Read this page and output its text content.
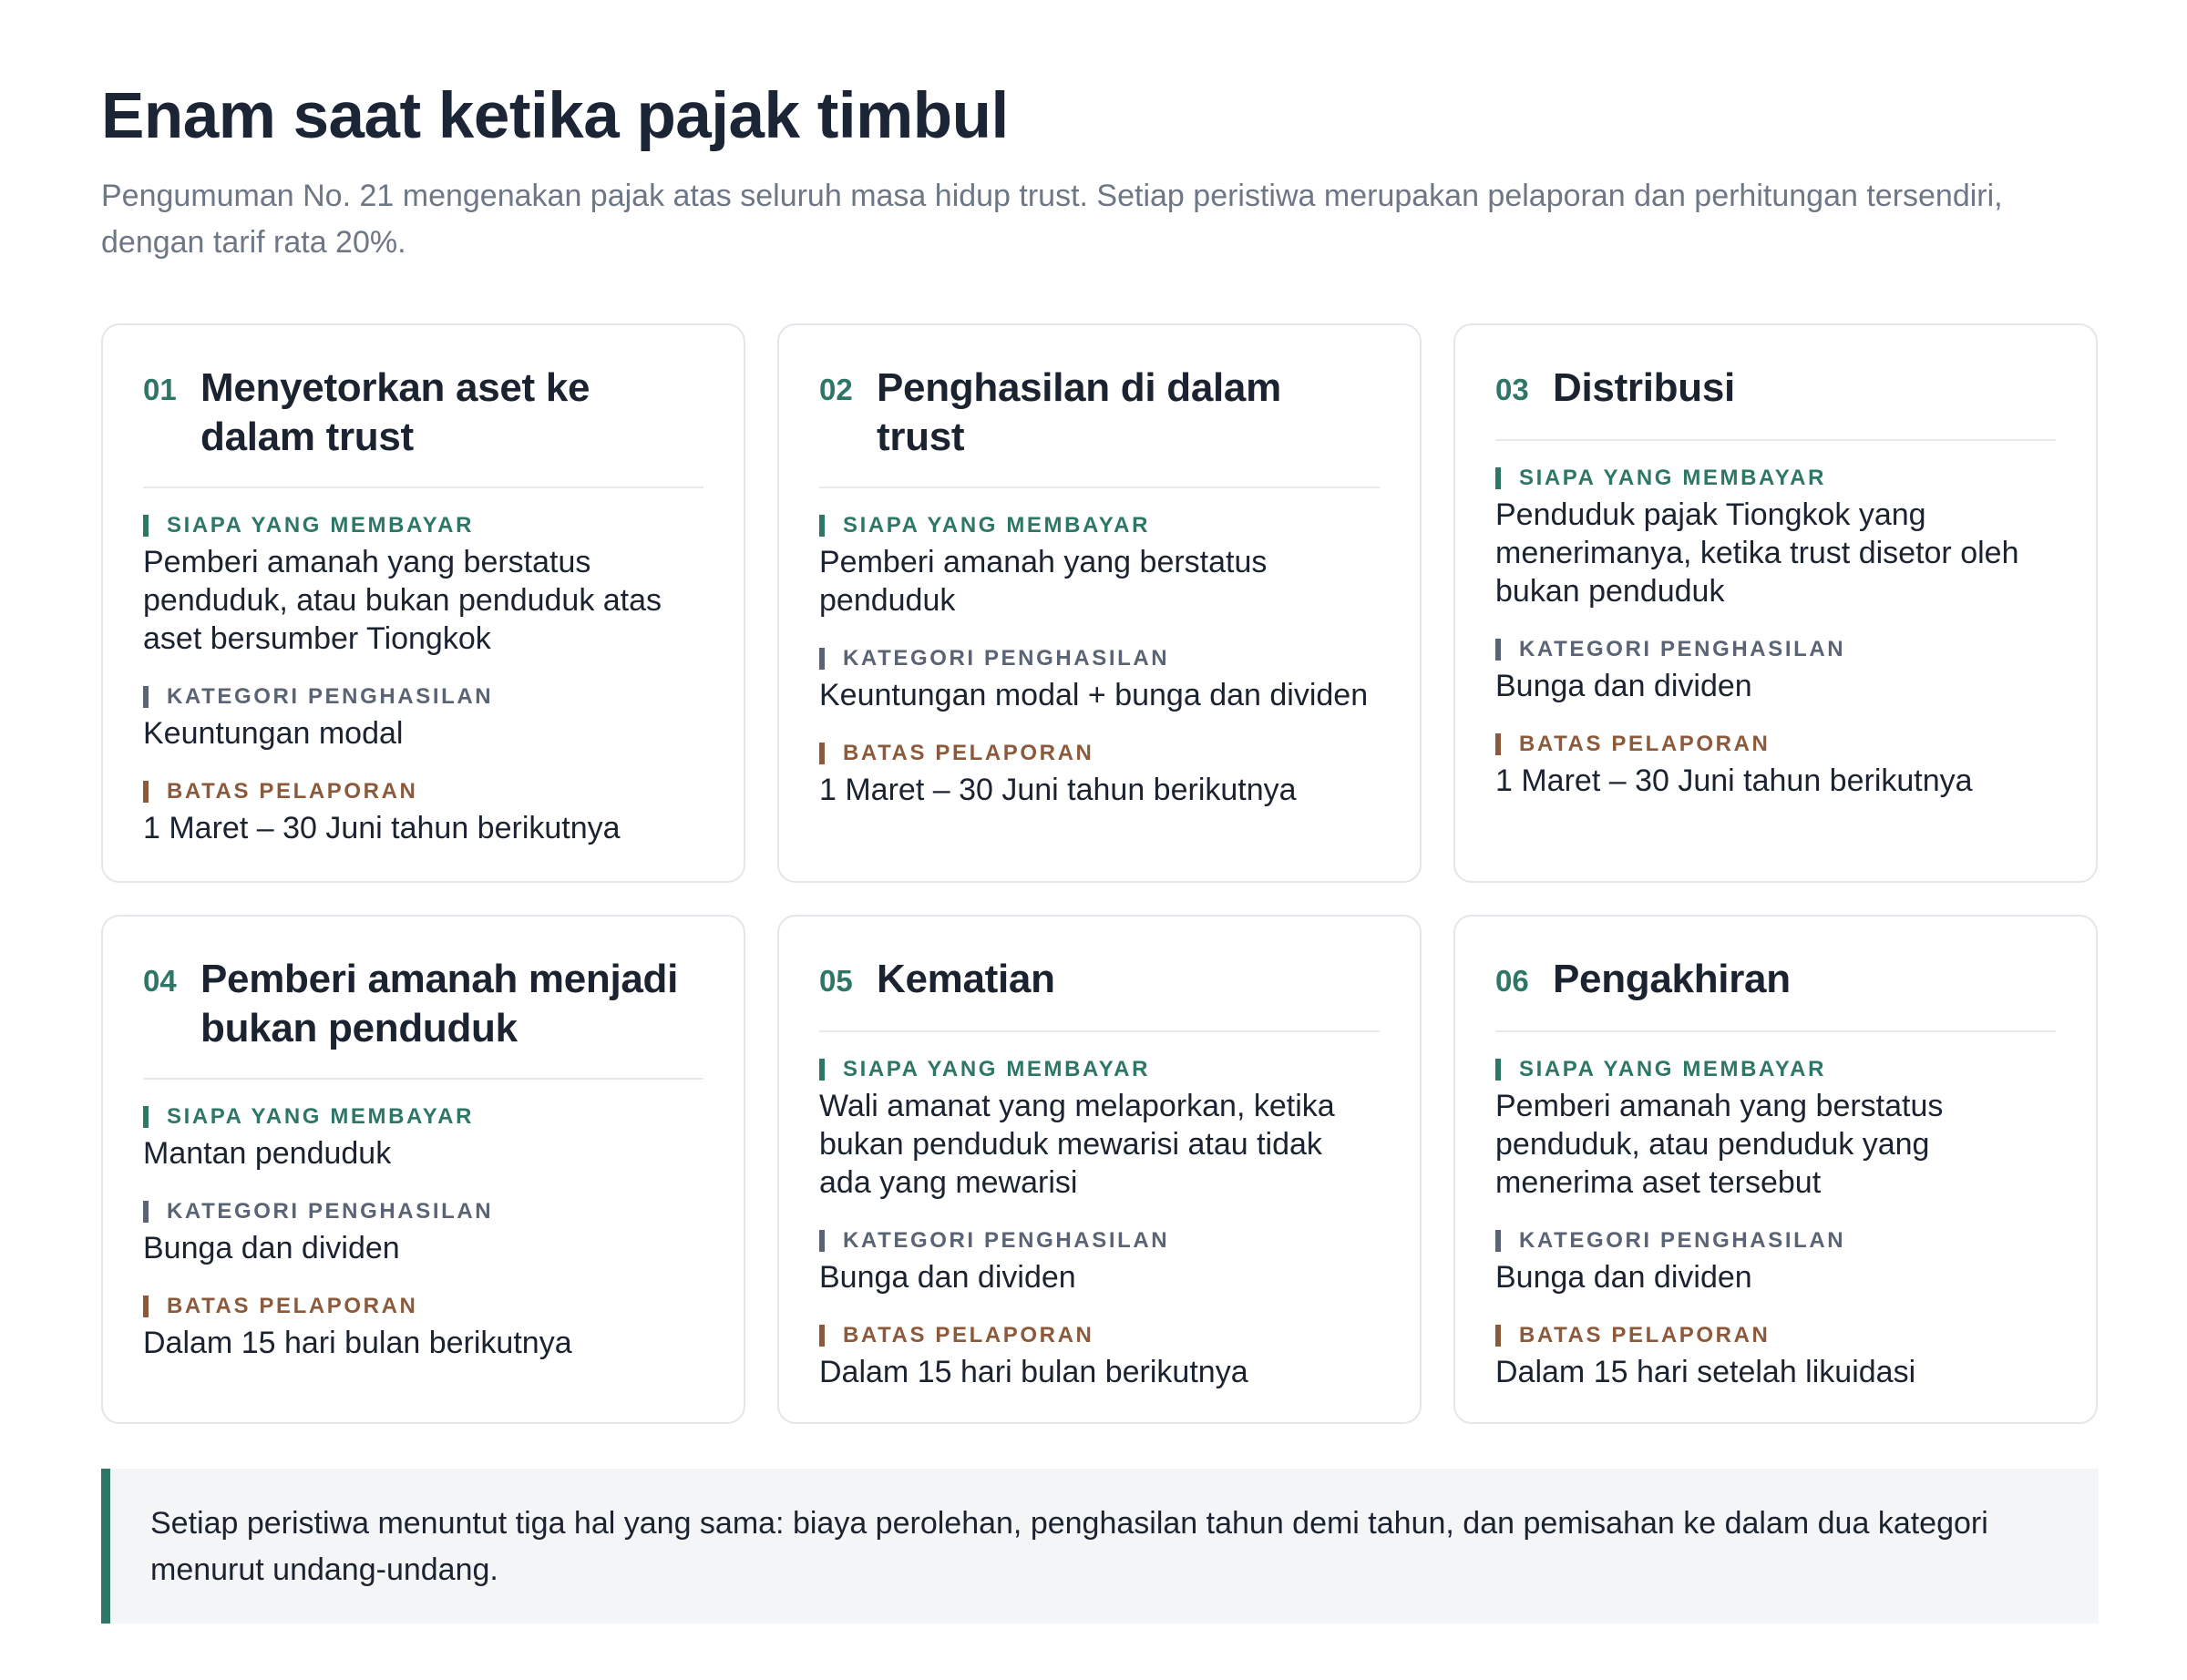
Enam saat ketika pajak timbul

Pengumuman No. 21 mengenakan pajak atas seluruh masa hidup trust. Setiap peristiwa merupakan pelaporan dan perhitungan tersendiri, dengan tarif rata 20%.

01 Menyetorkan aset ke dalam trust
SIAPA YANG MEMBAYAR
Pemberi amanah yang berstatus penduduk, atau bukan penduduk atas aset bersumber Tiongkok
KATEGORI PENGHASILAN
Keuntungan modal
BATAS PELAPORAN
1 Maret – 30 Juni tahun berikutnya
02 Penghasilan di dalam trust
SIAPA YANG MEMBAYAR
Pemberi amanah yang berstatus penduduk
KATEGORI PENGHASILAN
Keuntungan modal + bunga dan dividen
BATAS PELAPORAN
1 Maret – 30 Juni tahun berikutnya
03 Distribusi
SIAPA YANG MEMBAYAR
Penduduk pajak Tiongkok yang menerimanya, ketika trust disetor oleh bukan penduduk
KATEGORI PENGHASILAN
Bunga dan dividen
BATAS PELAPORAN
1 Maret – 30 Juni tahun berikutnya
04 Pemberi amanah menjadi bukan penduduk
SIAPA YANG MEMBAYAR
Mantan penduduk
KATEGORI PENGHASILAN
Bunga dan dividen
BATAS PELAPORAN
Dalam 15 hari bulan berikutnya
05 Kematian
SIAPA YANG MEMBAYAR
Wali amanat yang melaporkan, ketika bukan penduduk mewarisi atau tidak ada yang mewarisi
KATEGORI PENGHASILAN
Bunga dan dividen
BATAS PELAPORAN
Dalam 15 hari bulan berikutnya
06 Pengakhiran
SIAPA YANG MEMBAYAR
Pemberi amanah yang berstatus penduduk, atau penduduk yang menerima aset tersebut
KATEGORI PENGHASILAN
Bunga dan dividen
BATAS PELAPORAN
Dalam 15 hari setelah likuidasi
Setiap peristiwa menuntut tiga hal yang sama: biaya perolehan, penghasilan tahun demi tahun, dan pemisahan ke dalam dua kategori menurut undang-undang.
